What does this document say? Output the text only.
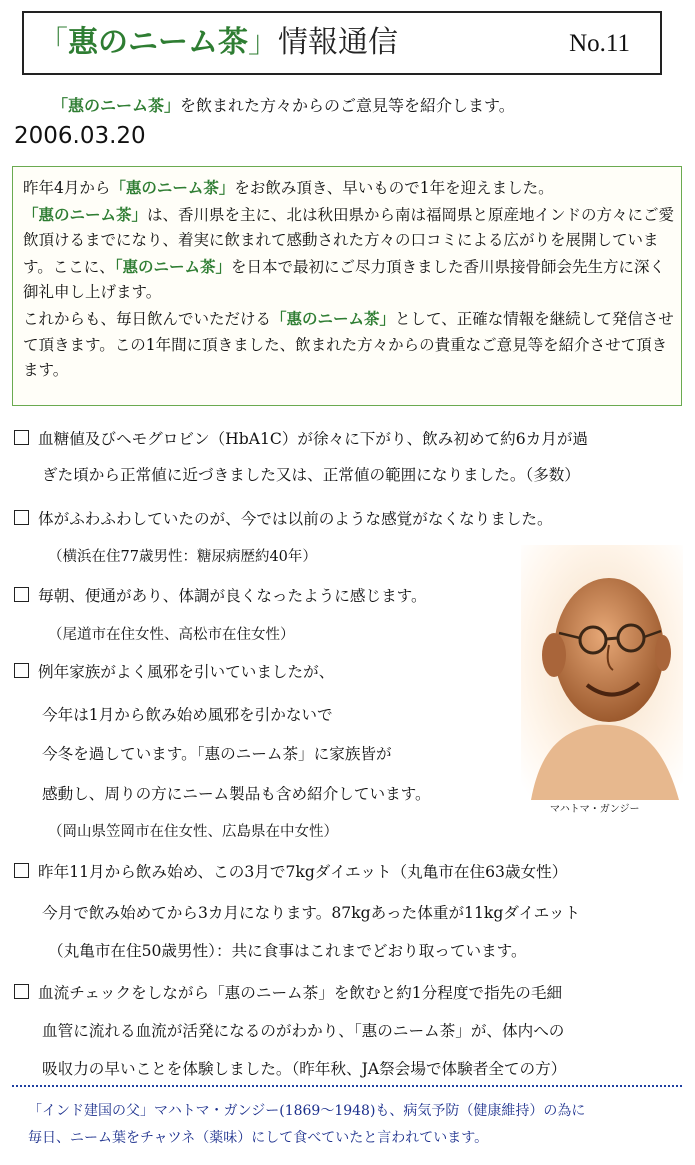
「惠のニーム茶」情報通信	No.11
「惠のニーム茶」を飲まれた方々からのご意見等を紹介します。
2006.03.20

昨年4月から「惠のニーム茶」をお飲み頂き、早いもので1年を迎えました。

「惠のニーム茶」は、香川県を主に、北は秋田県から南は福岡県と原産地インドの方々にご愛飲頂けるまでになり、着実に飲まれて感動された方々の口コミによる広がりを展開しています。ここに、「惠のニーム茶」を日本で最初にご尽力頂きました香川県接骨師会先生方に深く御礼申し上げます。

これからも、毎日飲んでいただける「惠のニーム茶」として、正確な情報を継続して発信させて頂きます。この1年間に頂きました、飲まれた方々からの貴重なご意見等を紹介させて頂きます。

血糖値及びヘモグロビン（HbA1C）が徐々に下がり、飲み初めて約6カ月が過
ぎた頃から正常値に近づきました又は、正常値の範囲になりました。（多数）
体がふわふわしていたのが、今では以前のような感覚がなくなりました。
（横浜在住77歳男性：糖尿病歴約40年）
毎朝、便通があり、体調が良くなったように感じます。
（尾道市在住女性、高松市在住女性）
例年家族がよく風邪を引いていましたが、
今年は1月から飲み始め風邪を引かないで
今冬を過しています。「惠のニーム茶」に家族皆が
感動し、周りの方にニーム製品も含め紹介しています。
（岡山県笠岡市在住女性、広島県在中女性）
昨年11月から飲み始め、この3月で7kgダイエット（丸亀市在住63歳女性）
今月で飲み始めてから3カ月になります。87kgあった体重が11kgダイエット
（丸亀市在住50歳男性）：共に食事はこれまでどおり取っています。
血流チェックをしながら「惠のニーム茶」を飲むと約1分程度で指先の毛細
血管に流れる血流が活発になるのがわかり、「惠のニーム茶」が、体内への
吸収力の早いことを体験しました。（昨年秋、JA祭会場で体験者全ての方）
マハトマ・ガンジー
「インド建国の父」マハトマ・ガンジー(1869～1948)も、病気予防（健康維持）の為に
毎日、ニーム葉をチャツネ（薬味）にして食べていたと言われています。
